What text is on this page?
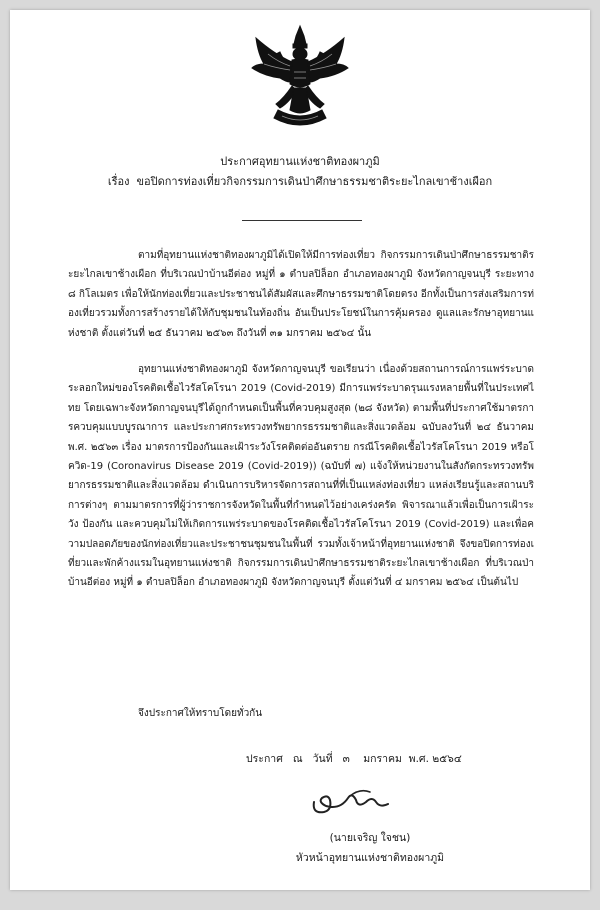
ประกาศอุทยานแห่งชาติทองผาภูมิ
เรื่อง ขอปิดการท่องเที่ยวกิจกรรมการเดินป่าศึกษาธรรมชาติระยะไกลเขาช้างเผือก

ตามที่อุทยานแห่งชาติทองผาภูมิได้เปิดให้มีการท่องเที่ยว กิจกรรมการเดินป่าศึกษาธรรมชาติระยะไกลเขาช้างเผือก ที่บริเวณป่าบ้านอีต่อง หมู่ที่ ๑ ตำบลปิล็อก อำเภอทองผาภูมิ จังหวัดกาญจนบุรี ระยะทาง ๘ กิโลเมตร เพื่อให้นักท่องเที่ยวและประชาชนได้สัมผัสและศึกษาธรรมชาติโดยตรง อีกทั้งเป็นการส่งเสริมการท่องเที่ยวรวมทั้งการสร้างรายได้ให้กับชุมชนในท้องถิ่น อันเป็นประโยชน์ในการคุ้มครอง ดูแลและรักษาอุทยานแห่งชาติ ตั้งแต่วันที่ ๒๕ ธันวาคม ๒๕๖๓ ถึงวันที่ ๓๑ มกราคม ๒๕๖๔ นั้น

อุทยานแห่งชาติทองผาภูมิ จังหวัดกาญจนบุรี ขอเรียนว่า เนื่องด้วยสถานการณ์การแพร่ระบาดระลอกใหม่ของโรคติดเชื้อไวรัสโคโรนา 2019 (Covid-2019) มีการแพร่ระบาดรุนแรงหลายพื้นที่ในประเทศไทย โดยเฉพาะจังหวัดกาญจนบุรีได้ถูกกำหนดเป็นพื้นที่ควบคุมสูงสุด (๒๘ จังหวัด) ตามพื้นที่ประกาศใช้มาตรการควบคุมแบบบูรณาการ และประกาศกระทรวงทรัพยากรธรรมชาติและสิ่งแวดล้อม ฉบับลงวันที่ ๒๔ ธันวาคม พ.ศ. ๒๕๖๓ เรื่อง มาตรการป้องกันและเฝ้าระวังโรคติดต่ออันตราย กรณีโรคติดเชื้อไวรัสโคโรนา 2019 หรือโควิด-19 (Coronavirus Disease 2019 (Covid-2019)) (ฉบับที่ ๗) แจ้งให้หน่วยงานในสังกัดกระทรวงทรัพยากรธรรมชาติและสิ่งแวดล้อม ดำเนินการบริหารจัดการสถานที่ที่เป็นแหล่งท่องเที่ยว แหล่งเรียนรู้และสถานบริการต่างๆ ตามมาตรการที่ผู้ว่าราชการจังหวัดในพื้นที่กำหนดไว้อย่างเคร่งครัด พิจารณาแล้วเพื่อเป็นการเฝ้าระวัง ป้องกัน และควบคุมไม่ให้เกิดการแพร่ระบาดของโรคติดเชื้อไวรัสโคโรนา 2019 (Covid-2019) และเพื่อความปลอดภัยของนักท่องเที่ยวและประชาชนชุมชนในพื้นที่ รวมทั้งเจ้าหน้าที่อุทยานแห่งชาติ จึงขอปิดการท่องเที่ยวและพักค้างแรมในอุทยานแห่งชาติ กิจกรรมการเดินป่าศึกษาธรรมชาติระยะไกลเขาช้างเผือก ที่บริเวณป่าบ้านอีต่อง หมู่ที่ ๑ ตำบลปิล็อก อำเภอทองผาภูมิ จังหวัดกาญจนบุรี ตั้งแต่วันที่ ๔ มกราคม ๒๕๖๔ เป็นต้นไป

จึงประกาศให้ทราบโดยทั่วกัน

ประกาศ ณ วันที่ ๓ มกราคม พ.ศ. ๒๕๖๔
(นายเจริญ ใจชน)
หัวหน้าอุทยานแห่งชาติทองผาภูมิ
